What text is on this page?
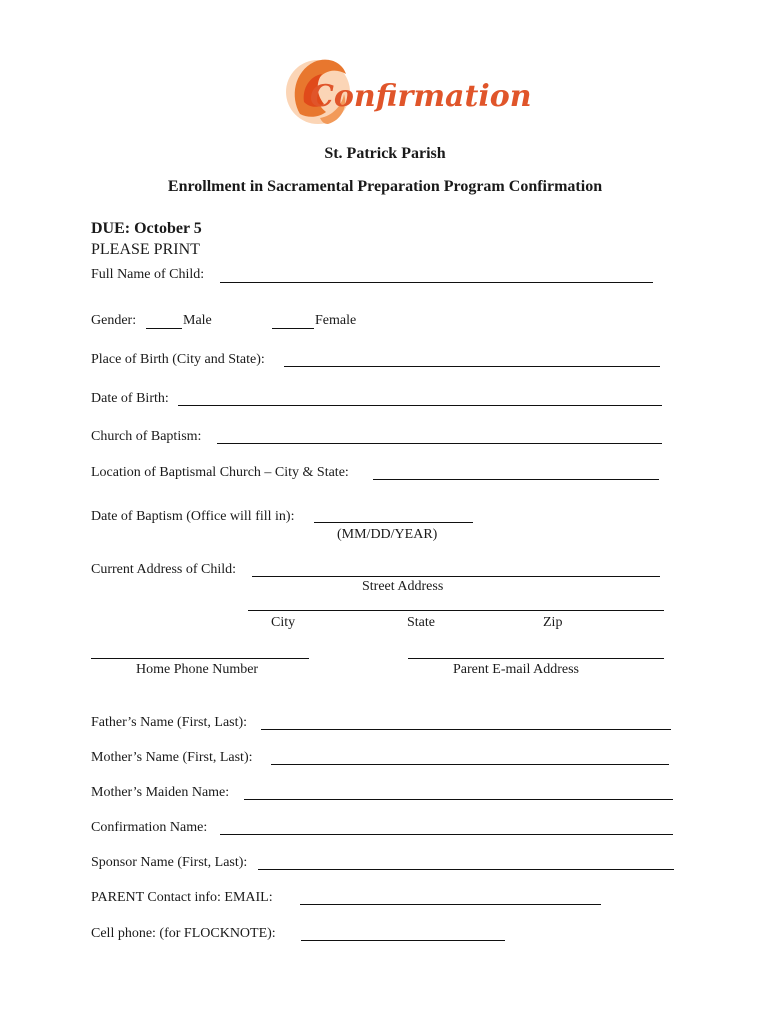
Confirmation
St. Patrick Parish
Enrollment in Sacramental Preparation Program Confirmation
DUE: October 5
PLEASE PRINT
Full Name of Child:
Gender:	Male	Female
Place of Birth (City and State):
Date of Birth:
Church of Baptism:
Location of Baptismal Church – City & State:
Date of Baptism (Office will fill in):
(MM/DD/YEAR)
Current Address of Child:
Street Address
City	State	Zip
Home Phone Number	Parent E-mail Address
Father’s Name (First, Last):
Mother’s Name (First, Last):
Mother’s Maiden Name:
Confirmation Name:
Sponsor Name (First, Last):
PARENT Contact info: EMAIL:
Cell phone: (for FLOCKNOTE):
